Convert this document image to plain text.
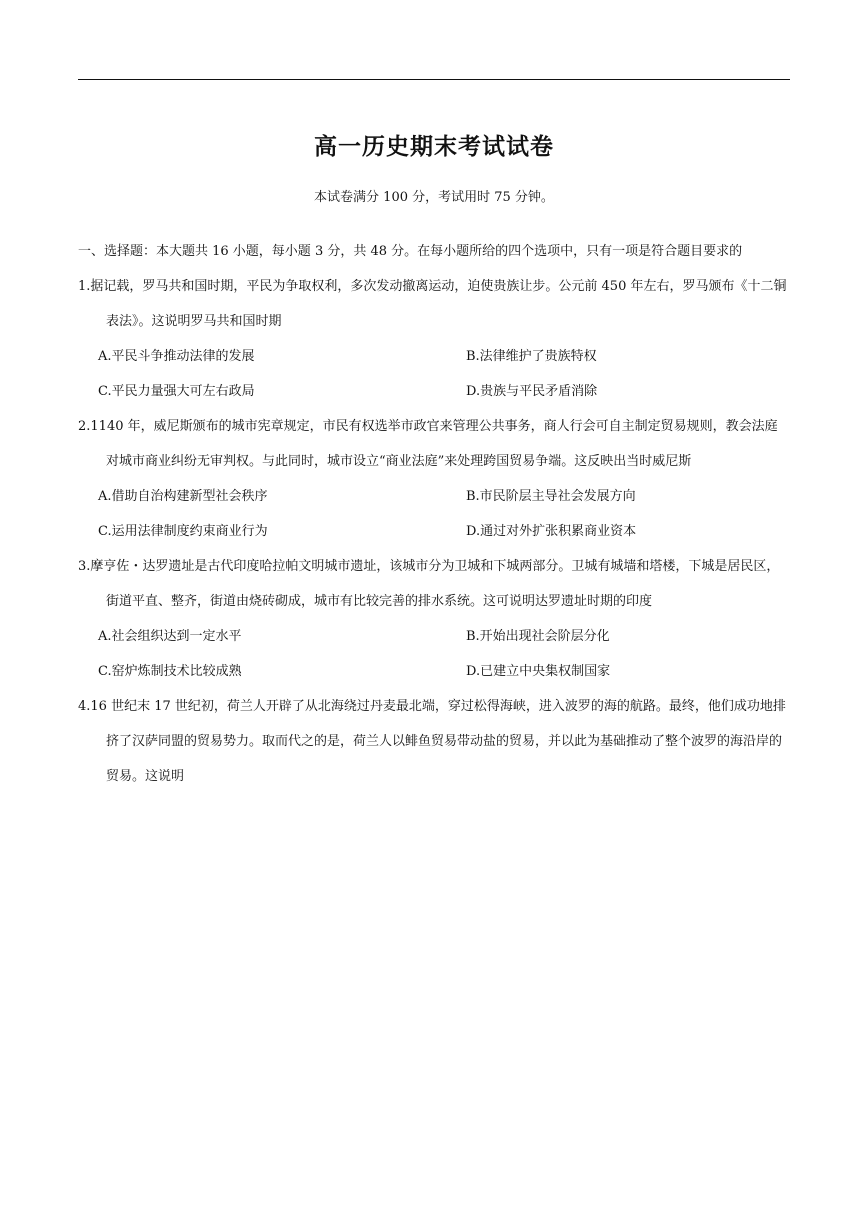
高一历史期末考试试卷
本试卷满分 100 分，考试用时 75 分钟。

一、选择题：本大题共 16 小题，每小题 3 分，共 48 分。在每小题所给的四个选项中，只有一项是符合题目要求的

1.据记载，罗马共和国时期，平民为争取权利，多次发动撤离运动，迫使贵族让步。公元前 450 年左右，罗马颁布《十二铜表法》。这说明罗马共和国时期

A.平民斗争推动法律的发展	B.法律维护了贵族特权
C.平民力量强大可左右政局	D.贵族与平民矛盾消除

2.1140 年，威尼斯颁布的城市宪章规定，市民有权选举市政官来管理公共事务，商人行会可自主制定贸易规则，教会法庭对城市商业纠纷无审判权。与此同时，城市设立“商业法庭”来处理跨国贸易争端。这反映出当时威尼斯

A.借助自治构建新型社会秩序	B.市民阶层主导社会发展方向
C.运用法律制度约束商业行为	D.通过对外扩张积累商业资本

3.摩亨佐・达罗遗址是古代印度哈拉帕文明城市遗址，该城市分为卫城和下城两部分。卫城有城墙和塔楼，下城是居民区，街道平直、整齐，街道由烧砖砌成，城市有比较完善的排水系统。这可说明达罗遗址时期的印度

A.社会组织达到一定水平	B.开始出现社会阶层分化
C.窑炉炼制技术比较成熟	D.已建立中央集权制国家

4.16 世纪末 17 世纪初，荷兰人开辟了从北海绕过丹麦最北端，穿过松得海峡，进入波罗的海的航路。最终，他们成功地排挤了汉萨同盟的贸易势力。取而代之的是，荷兰人以鲱鱼贸易带动盐的贸易，并以此为基础推动了整个波罗的海沿岸的贸易。这说明
